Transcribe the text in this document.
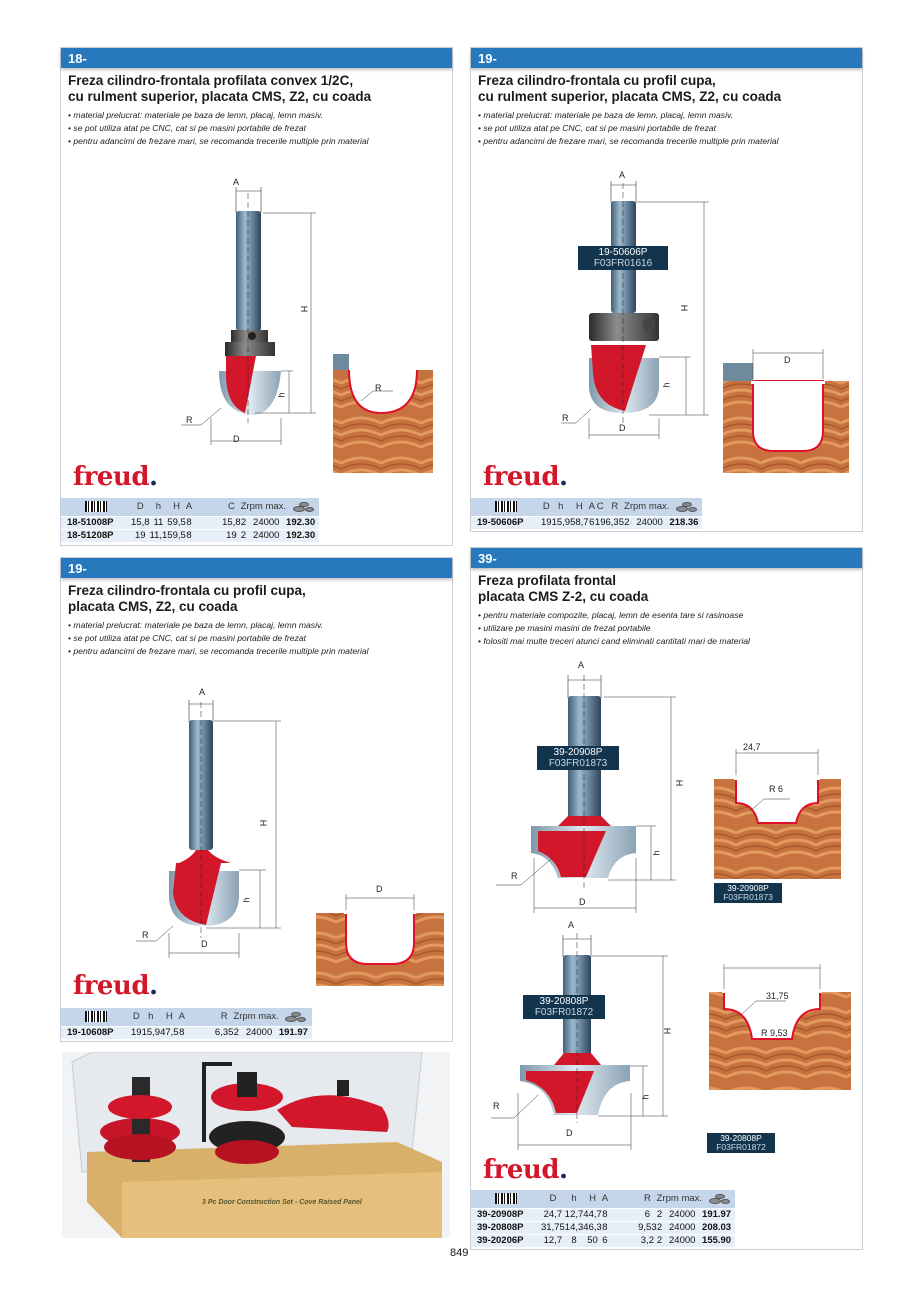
18-
Freza cilindro-frontala profilata convex 1/2C,
cu rulment superior, placata CMS, Z2, cu coada
• material prelucrat: materiale pe baza de lemn, placaj, lemn masiv.
• se pot utiliza atat pe CNC, cat si pe masini portabile de frezat
• pentru adancimi de frezare mari, se recomanda trecerile multiple prin material
A
H
h
R
D
R
freud.
	D	h	H	A		C	Z	rpm max.	

18-51008P	15,8	11	59,5	8		15,8	2	24000	192.30
18-51208P	19	11,1	59,5	8		19	2	24000	192.30
19-
Freza cilindro-frontala cu profil cupa,
cu rulment superior, placata CMS, Z2, cu coada
• material prelucrat: materiale pe baza de lemn, placaj, lemn masiv.
• se pot utiliza atat pe CNC, cat si pe masini portabile de frezat
• pentru adancimi de frezare mari, se recomanda trecerile multiple prin material
19-50606P
F03FR01616
A
H
h
R
D
D
freud.
	D	h	H	A	C	R	Z	rpm max.	

19-50606P	19	15,9	58,7	6	19	6,35	2	24000	218.36
19-
Freza cilindro-frontala cu profil cupa,
placata CMS, Z2, cu coada
• material prelucrat: materiale pe baza de lemn, placaj, lemn masiv.
• se pot utiliza atat pe CNC, cat si pe masini portabile de frezat
• pentru adancimi de frezare mari, se recomanda trecerile multiple prin material
A
H
h
R
D
D
freud.
	D	h	H	A		R	Z	rpm max.	

19-10608P	19	15,9	47,5	8		6,35	2	24000	191.97
3 Pc Door Construction Set - Cove Raised Panel
39-
Freza profilata frontal
placata CMS Z-2, cu coada
• pentru materiale compozite, placaj, lemn de esenta tare si rasinoase
• utilizare pe masini masini de frezat portabile
• folositi mai multe treceri atunci cand eliminati cantitati mari de material
39-20908P
F03FR01873
39-20908P
F03FR01873
A
H
h
R
D
24,7
R 6
39-20808P
F03FR01872
39-20808P
F03FR01872
A
H
h
R
D
31,75
R 9,53
freud.
	D	h	H	A		R	Z	rpm max.	

39-20908P	24,7	12,7	44,7	8		6	2	24000	191.97
39-20808P	31,75	14,3	46,3	8		9,53	2	24000	208.03
39-20206P	12,7	8	50	6		3,2	2	24000	155.90
849
